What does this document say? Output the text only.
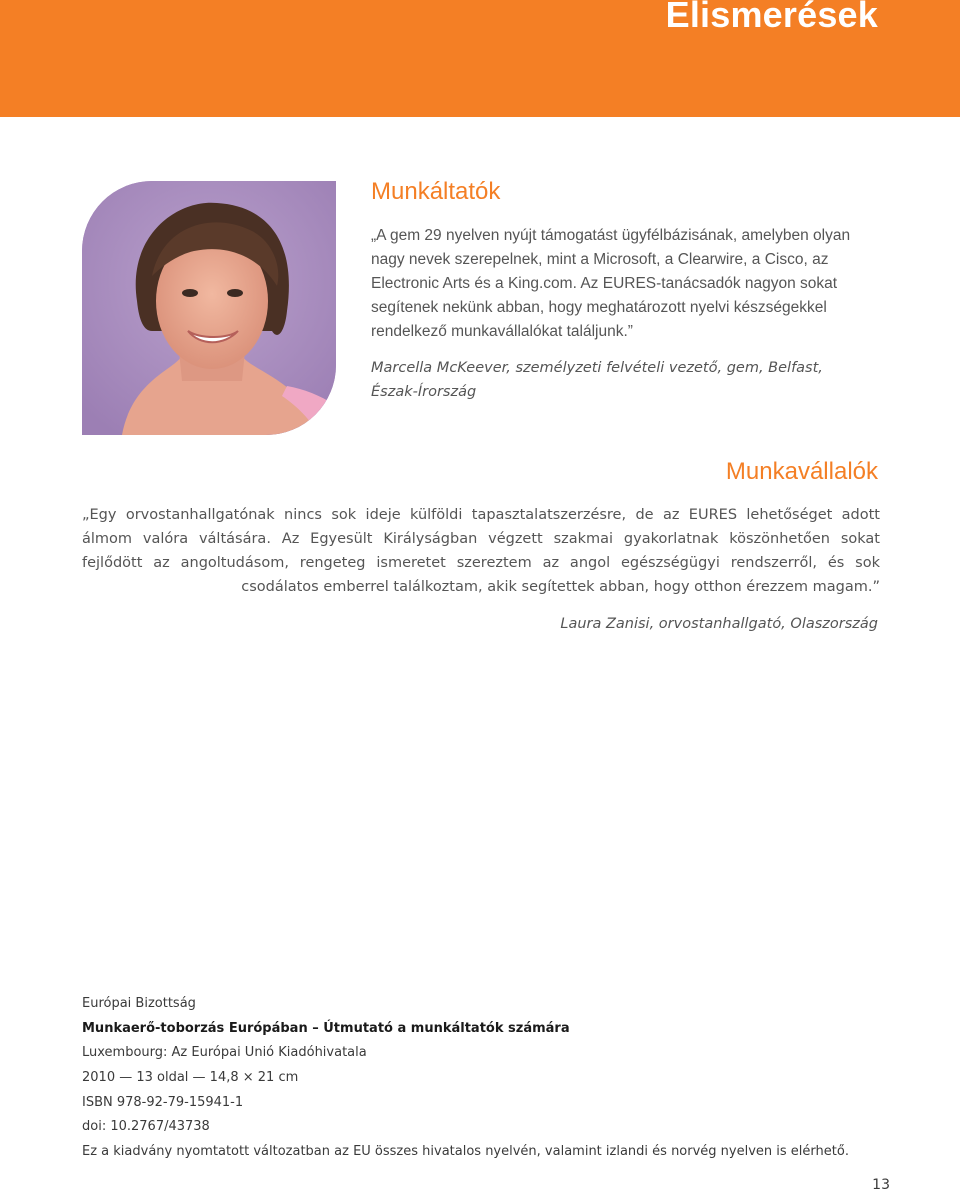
Elismerések
Munkáltatók

„A gem 29 nyelven nyújt támogatást ügyfélbázisának, amelyben olyan nagy nevek szerepelnek, mint a Microsoft, a Clearwire, a Cisco, az Electronic Arts és a King.com. Az EURES-tanácsadók nagyon sokat segítenek nekünk abban, hogy meghatározott nyelvi készségekkel rendelkező munkavállalókat találjunk.”

Marcella McKeever, személyzeti felvételi vezető, gem, Belfast, Észak-Írország

Munkavállalók

„Egy orvostanhallgatónak nincs sok ideje külföldi tapasztalatszerzésre, de az EURES lehetőséget adott álmom valóra váltására. Az Egyesült Királyságban végzett szakmai gyakorlatnak köszönhetően sokat fejlődött az angoltudásom, rengeteg ismeretet szereztem az angol egészségügyi rendszerről, és sok csodálatos emberrel találkoztam, akik segítettek abban, hogy otthon érezzem magam.”

Laura Zanisi, orvostanhallgató, Olaszország

Európai Bizottság
Munkaerő-toborzás Európában – Útmutató a munkáltatók számára
Luxembourg: Az Európai Unió Kiadóhivatala
2010 — 13 oldal — 14,8 × 21 cm
ISBN 978-92-79-15941-1
doi: 10.2767/43738
Ez a kiadvány nyomtatott változatban az EU összes hivatalos nyelvén, valamint izlandi és norvég nyelven is elérhető.

13
